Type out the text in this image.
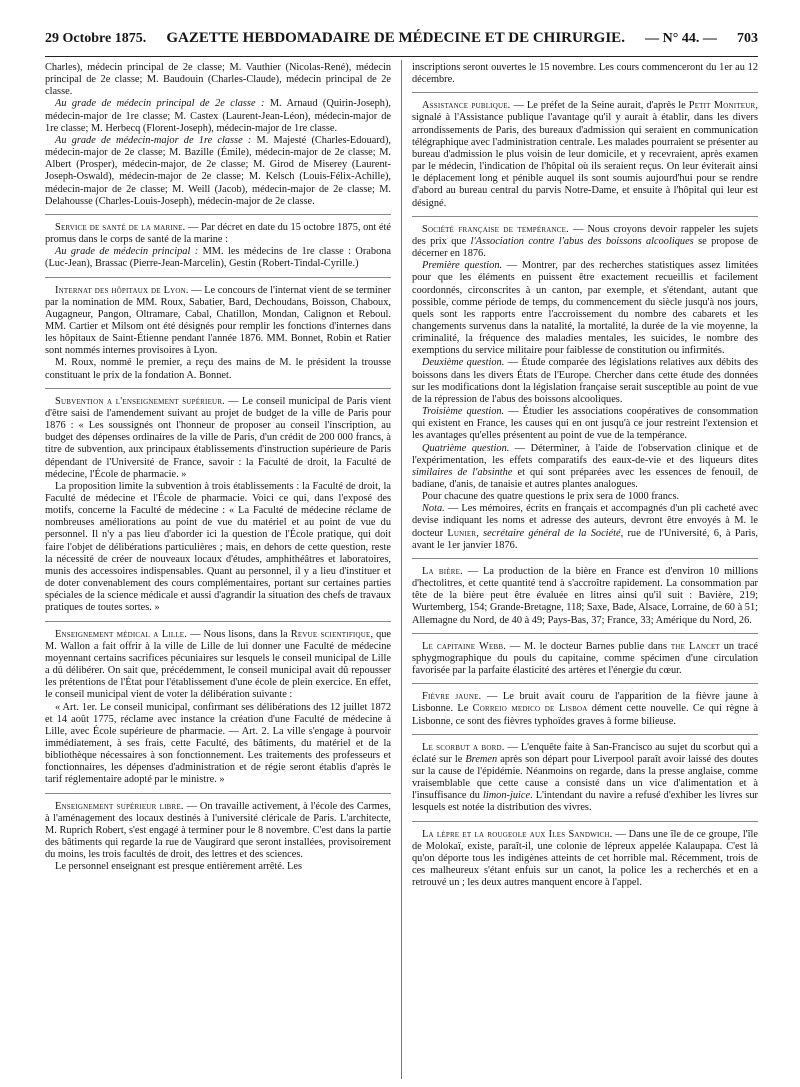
29 Octobre 1875. GAZETTE HEBDOMADAIRE DE MÉDECINE ET DE CHIRURGIE. — N° 44. — 703

Charles), médecin principal de 2e classe; M. Vauthier (Nicolas-René), médecin principal de 2e classe; M. Baudouin (Charles-Claude), médecin principal de 2e classe.

Au grade de médecin principal de 2e classe : M. Arnaud (Quirin-Joseph), médecin-major de 1re classe; M. Castex (Laurent-Jean-Léon), médecin-major de 1re classe; M. Herbecq (Florent-Joseph), médecin-major de 1re classe.

Au grade de médecin-major de 1re classe : M. Majesté (Charles-Edouard), médecin-major de 2e classe; M. Bazille (Émile), médecin-major de 2e classe; M. Albert (Prosper), médecin-major, de 2e classe; M. Girod de Miserey (Laurent-Joseph-Oswald), médecin-major de 2e classe; M. Kelsch (Louis-Félix-Achille), médecin-major de 2e classe; M. Weill (Jacob), médecin-major de 2e classe; M. Delahousse (Charles-Louis-Joseph), médecin-major de 2e classe.

Service de santé de la marine. — Par décret en date du 15 octobre 1875, ont été promus dans le corps de santé de la marine :

Au grade de médecin principal : MM. les médecins de 1re classe : Orabona (Luc-Jean), Brassac (Pierre-Jean-Marcelin), Gestin (Robert-Tindal-Cyrille.)

Internat des hôpitaux de Lyon. — Le concours de l'internat vient de se terminer par la nomination de MM. Roux, Sabatier, Bard, Dechoudans, Boisson, Chaboux, Augagneur, Pangon, Oltramare, Cabal, Chatillon, Mondan, Calignon et Reboul. MM. Cartier et Milsom ont été désignés pour remplir les fonctions d'internes dans les hôpitaux de Saint-Étienne pendant l'année 1876. MM. Bonnet, Robin et Ratier sont nommés internes provisoires à Lyon.

M. Roux, nommé le premier, a reçu des mains de M. le président la trousse constituant le prix de la fondation A. Bonnet.

Subvention a l'enseignement supérieur. — Le conseil municipal de Paris vient d'être saisi de l'amendement suivant au projet de budget de la ville de Paris pour 1876 : « Les soussignés ont l'honneur de proposer au conseil l'inscription, au budget des dépenses ordinaires de la ville de Paris, d'un crédit de 200 000 francs, à titre de subvention, aux principaux établissements d'instruction supérieure de Paris dépendant de l'Université de France, savoir : la Faculté de droit, la Faculté de médecine, l'École de pharmacie. »

La proposition limite la subvention à trois établissements : la Faculté de droit, la Faculté de médecine et l'École de pharmacie. Voici ce qui, dans l'exposé des motifs, concerne la Faculté de médecine : « La Faculté de médecine réclame de nombreuses améliorations au point de vue du matériel et au point de vue du personnel. Il n'y a pas lieu d'aborder ici la question de l'École pratique, qui doit faire l'objet de délibérations particulières ; mais, en dehors de cette question, reste la nécessité de créer de nouveaux locaux d'études, amphithéâtres et laboratoires, munis des accessoires indispensables. Quant au personnel, il y a lieu d'instituer et de doter convenablement des cours complémentaires, portant sur certaines parties spéciales de la science médicale et aussi d'agrandir la situation des chefs de travaux pratiques de toutes sortes. »

Enseignement médical a Lille. — Nous lisons, dans la Revue scientifique, que M. Wallon a fait offrir à la ville de Lille de lui donner une Faculté de médecine moyennant certains sacrifices pécuniaires sur lesquels le conseil municipal de Lille a dû délibérer. On sait que, précédemment, le conseil municipal avait dû repousser les prétentions de l'État pour l'établissement d'une école de plein exercice. En effet, le conseil municipal vient de voter la délibération suivante :

« Art. 1er. Le conseil municipal, confirmant ses délibérations des 12 juillet 1872 et 14 août 1775, réclame avec instance la création d'une Faculté de médecine à Lille, avec École supérieure de pharmacie. — Art. 2. La ville s'engage à pourvoir immédiatement, à ses frais, cette Faculté, des bâtiments, du matériel et de la bibliothèque nécessaires à son fonctionnement. Les traitements des professeurs et fonctionnaires, les dépenses d'administration et de régie seront établis d'après le tarif réglementaire adopté par le ministre. »

Enseignement supérieur libre. — On travaille activement, à l'école des Carmes, à l'aménagement des locaux destinés à l'université cléricale de Paris. L'architecte, M. Ruprich Robert, s'est engagé à terminer pour le 8 novembre. C'est dans la partie des bâtiments qui regarde la rue de Vaugirard que seront installées, provisoirement du moins, les trois facultés de droit, des lettres et des sciences.

Le personnel enseignant est presque entièrement arrêté. Les

inscriptions seront ouvertes le 15 novembre. Les cours commenceront du 1er au 12 décembre.

Assistance publique. — Le préfet de la Seine aurait, d'après le Petit Moniteur, signalé à l'Assistance publique l'avantage qu'il y aurait à établir, dans les divers arrondissements de Paris, des bureaux d'admission qui seraient en communication télégraphique avec l'administration centrale. Les malades pourraient se présenter au bureau d'admission le plus voisin de leur domicile, et y recevraient, après examen par le médecin, l'indication de l'hôpital où ils seraient reçus. On leur éviterait ainsi le déplacement long et pénible auquel ils sont soumis aujourd'hui pour se rendre d'abord au bureau central du parvis Notre-Dame, et ensuite à l'hôpital qui leur est désigné.

Société française de tempérance. — Nous croyons devoir rappeler les sujets des prix que l'Association contre l'abus des boissons alcooliques se propose de décerner en 1876.

Première question. — Montrer, par des recherches statistiques assez limitées pour que les éléments en puissent être exactement recueillis et facilement coordonnés, circonscrites à un canton, par exemple, et s'étendant, autant que possible, comme période de temps, du commencement du siècle jusqu'à nos jours, quels sont les rapports entre l'accroissement du nombre des cabarets et les changements survenus dans la natalité, la mortalité, la durée de la vie moyenne, la criminalité, la fréquence des maladies mentales, les suicides, le nombre des exemptions du service militaire pour faiblesse de constitution ou infirmités.

Deuxième question. — Étude comparée des législations relatives aux débits des boissons dans les divers États de l'Europe. Chercher dans cette étude des données sur les modifications dont la législation française serait susceptible au point de vue de la répression de l'abus des boissons alcooliques.

Troisième question. — Étudier les associations coopératives de consommation qui existent en France, les causes qui en ont jusqu'à ce jour restreint l'extension et les avantages qu'elles présentent au point de vue de la tempérance.

Quatrième question. — Déterminer, à l'aide de l'observation clinique et de l'expérimentation, les effets comparatifs des eaux-de-vie et des liqueurs dites similaires de l'absinthe et qui sont préparées avec les essences de fenouil, de badiane, d'anis, de tanaisie et autres plantes analogues.

Pour chacune des quatre questions le prix sera de 1000 francs.

Nota. — Les mémoires, écrits en français et accompagnés d'un pli cacheté avec devise indiquant les noms et adresse des auteurs, devront être envoyés à M. le docteur Lunier, secrétaire général de la Société, rue de l'Université, 6, à Paris, avant le 1er janvier 1876.

La bière. — La production de la bière en France est d'environ 10 millions d'hectolitres, et cette quantité tend à s'accroître rapidement. La consommation par tête de la bière peut être évaluée en litres ainsi qu'il suit : Bavière, 219; Wurtemberg, 154; Grande-Bretagne, 118; Saxe, Bade, Alsace, Lorraine, de 60 à 51; Allemagne du Nord, de 40 à 49; Pays-Bas, 37; France, 33; Amérique du Nord, 26.

Le capitaine Webb. — M. le docteur Barnes publie dans the Lancet un tracé sphygmographique du pouls du capitaine, comme spécimen d'une circulation favorisée par la parfaite élasticité des artères et l'énergie du cœur.

Fièvre jaune. — Le bruit avait couru de l'apparition de la fièvre jaune à Lisbonne. Le Correio medico de Lisboa dément cette nouvelle. Ce qui règne à Lisbonne, ce sont des fièvres typhoïdes graves à forme bilieuse.

Le scorbut a bord. — L'enquête faite à San-Francisco au sujet du scorbut qui a éclaté sur le Bremen après son départ pour Liverpool paraît avoir laissé des doutes sur la cause de l'épidémie. Néanmoins on regarde, dans la presse anglaise, comme vraisemblable que cette cause a consisté dans un vice d'alimentation et à l'insuffisance du limon-juice. L'intendant du navire a refusé d'exhiber les livres sur lesquels est notée la distribution des vivres.

La lèpre et la rougeole aux Iles Sandwich. — Dans une île de ce groupe, l'île de Molokaï, existe, paraît-il, une colonie de lépreux appelée Kalaupapa. C'est là qu'on déporte tous les indigènes atteints de cet horrible mal. Récemment, trois de ces malheureux s'étant enfuis sur un canot, la police les a recherchés et en a retrouvé un ; les deux autres manquent encore à l'appel.
